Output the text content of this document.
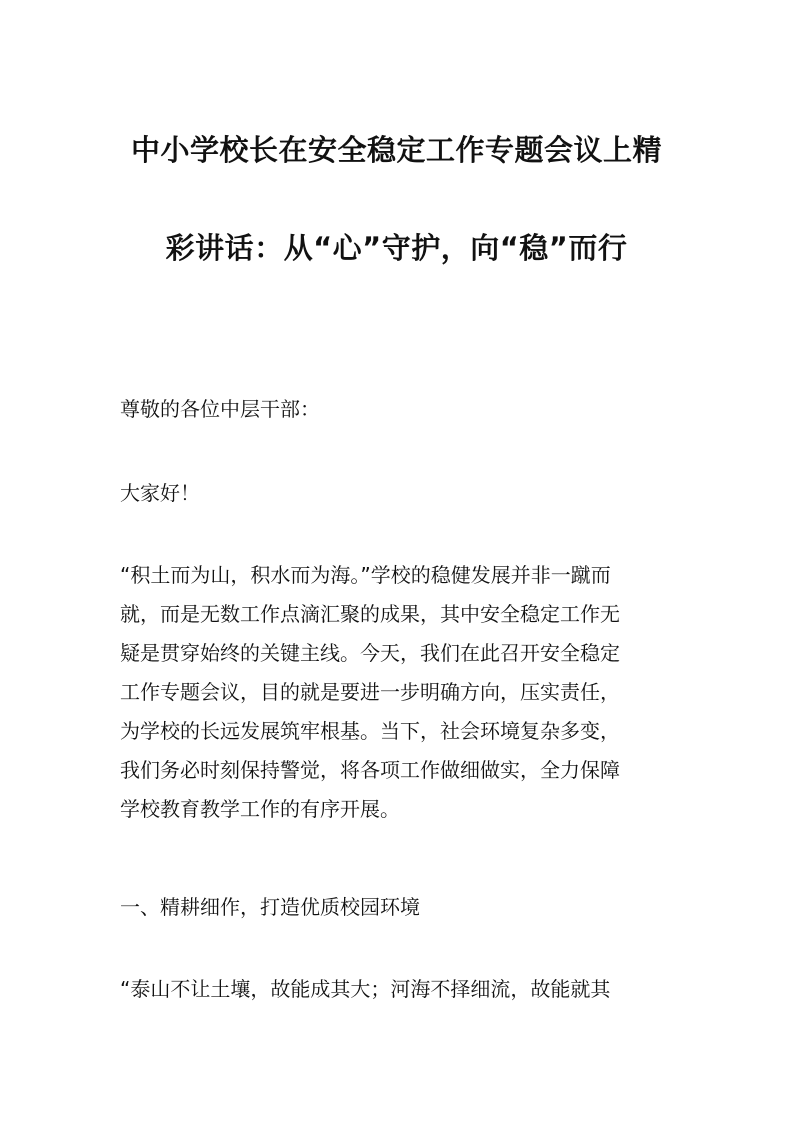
中小学校长在安全稳定工作专题会议上精
彩讲话：从“心”守护，向“稳”而行
尊敬的各位中层干部：
大家好！
“积土而为山，积水而为海。”学校的稳健发展并非一蹴而
就，而是无数工作点滴汇聚的成果，其中安全稳定工作无
疑是贯穿始终的关键主线。今天，我们在此召开安全稳定
工作专题会议，目的就是要进一步明确方向，压实责任，
为学校的长远发展筑牢根基。当下，社会环境复杂多变，
我们务必时刻保持警觉，将各项工作做细做实，全力保障
学校教育教学工作的有序开展。
一、精耕细作，打造优质校园环境
“泰山不让土壤，故能成其大；河海不择细流，故能就其
